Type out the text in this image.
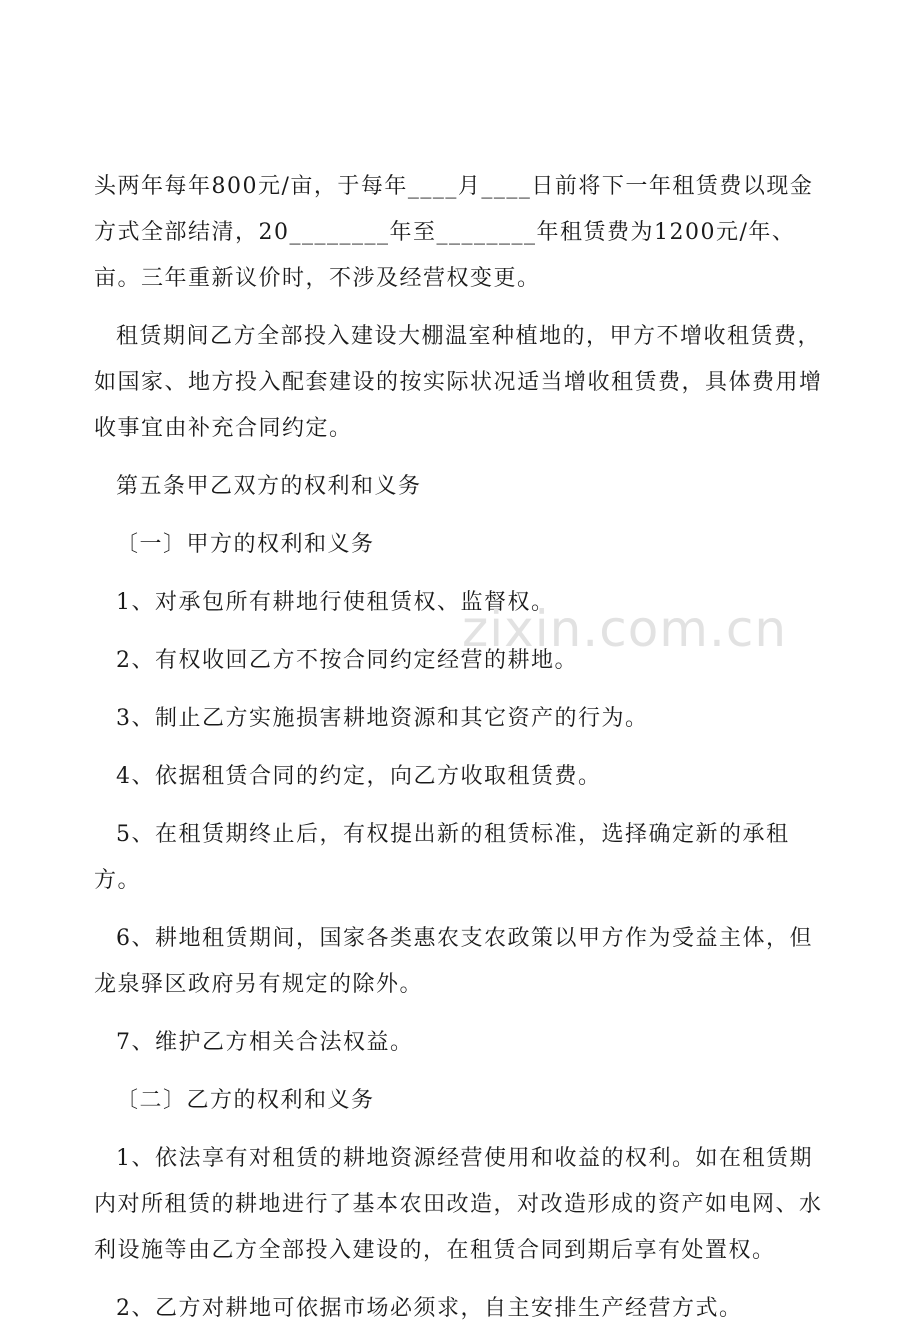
头两年每年800元/亩，于每年____月____日前将下一年租赁费以现金方式全部结清，20________年至________年租赁费为1200元/年、亩。三年重新议价时，不涉及经营权变更。

租赁期间乙方全部投入建设大棚温室种植地的，甲方不增收租赁费，如国家、地方投入配套建设的按实际状况适当增收租赁费，具体费用增收事宜由补充合同约定。

第五条甲乙双方的权利和义务

〔一〕甲方的权利和义务

1、对承包所有耕地行使租赁权、监督权。

2、有权收回乙方不按合同约定经营的耕地。

3、制止乙方实施损害耕地资源和其它资产的行为。

4、依据租赁合同的约定，向乙方收取租赁费。

5、在租赁期终止后，有权提出新的租赁标准，选择确定新的承租方。

6、耕地租赁期间，国家各类惠农支农政策以甲方作为受益主体，但龙泉驿区政府另有规定的除外。

7、维护乙方相关合法权益。

〔二〕乙方的权利和义务

1、依法享有对租赁的耕地资源经营使用和收益的权利。如在租赁期内对所租赁的耕地进行了基本农田改造，对改造形成的资产如电网、水利设施等由乙方全部投入建设的，在租赁合同到期后享有处置权。

2、乙方对耕地可依据市场必须求，自主安排生产经营方式。

zixin.com.cn
